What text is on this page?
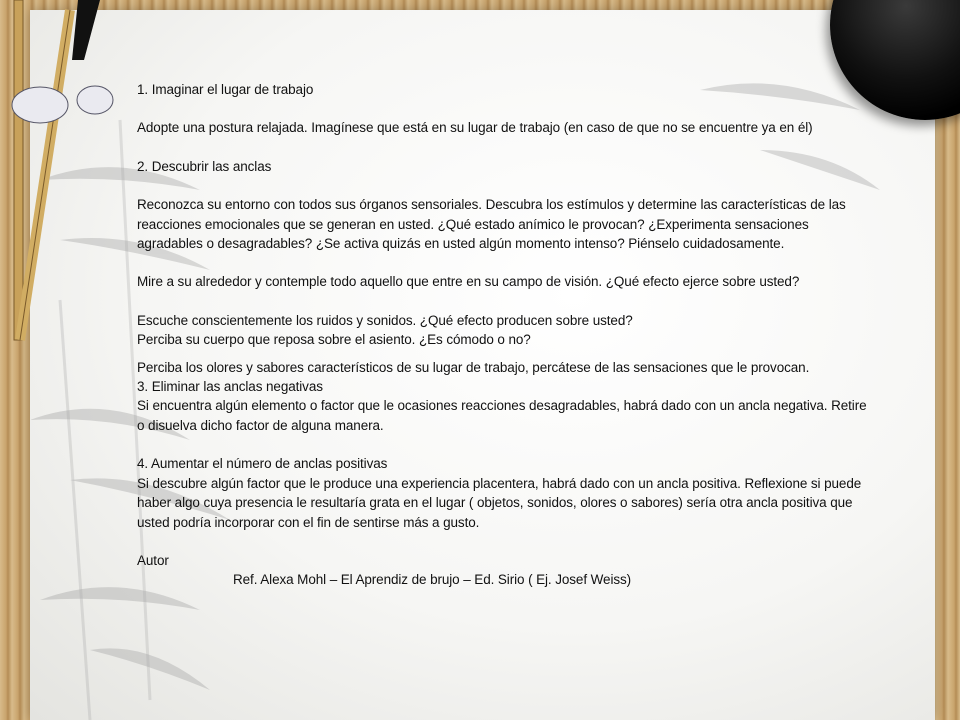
1. Imaginar el lugar de trabajo

Adopte una postura relajada. Imagínese que está en su lugar de trabajo (en caso de que no se encuentre ya en él)

2. Descubrir las anclas

Reconozca su entorno con todos sus órganos sensoriales. Descubra los estímulos y determine las características de las reacciones emocionales que se generan en usted. ¿Qué estado anímico le provocan? ¿Experimenta sensaciones agradables o desagradables? ¿Se activa quizás en usted algún momento intenso? Piénselo cuidadosamente.

Mire a su alrededor y contemple todo aquello que entre en su campo de visión. ¿Qué efecto ejerce sobre usted?

Escuche conscientemente los ruidos y sonidos. ¿Qué efecto producen sobre usted?

Perciba su cuerpo que reposa sobre el asiento. ¿Es cómodo o no?

Perciba los olores y sabores característicos de su lugar de trabajo, percátese de las sensaciones que le provocan.

3. Eliminar las anclas negativas

Si encuentra algún elemento o factor que le ocasiones reacciones desagradables, habrá dado con un ancla negativa. Retire o disuelva dicho factor de alguna manera.

4. Aumentar el número de anclas positivas

Si descubre algún factor que le produce una experiencia placentera, habrá dado con un ancla positiva. Reflexione si puede haber algo cuya presencia le resultaría grata en el lugar ( objetos, sonidos, olores o sabores) sería otra ancla positiva que usted podría incorporar con el fin de sentirse más a gusto.

Autor

Ref. Alexa Mohl – El Aprendiz de brujo – Ed. Sirio ( Ej. Josef Weiss)
